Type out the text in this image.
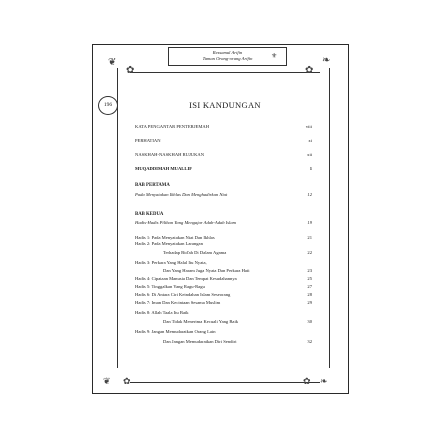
❦
✿
❧
✿
❦ ✿	✿ ❧
Ressamul Arifin
Taman Orang-orang Arifin	⚜
196	ISI KANDUNGAN
KATA PENGANTAR PENTERJEMAH	viii
PERHATIAN	xi
NASKHAH-NASKHAH RUJUKAN	xii
MUQADDIMAH MUALLIF	1
BAB PERTAMA
Pada Menyatakan Ikhlas Dan Menghadirkan Niat	12
BAB KEDUA
Hadis-Hadis Pilihan Yang Mengajar Adab-Adab Islam	19
Hadis 1: Pada Menyatakan Niat Dan Ikhlas	21
Hadis 2: Pada Menyatakan Larangan
Terhadap Bid'ah Di Dalam Agama	22
Hadis 3: Perkara Yang Halal Itu Nyata,
Dan Yang Haram Juga Nyata Dan Perkara Hati	23
Hadis 4: Cipataan Manusia Dan Tempat Kesudahannya	25
Hadis 5: Tinggalkan Yang Ragu-Ragu	27
Hadis 6: Di Antara Ciri Keindahan Islam Seseorang	28
Hadis 7: Iman Dan Kecintaan Sesama Muslim	29
Hadis 8: Allah Taala Itu Baik
Dan Tidak Menerima Kecuali Yang Baik	30
Hadis 9: Jangan Memudaratkan Orang Lain
Dan Jangan Memudaratkan Diri Sendiri	32
